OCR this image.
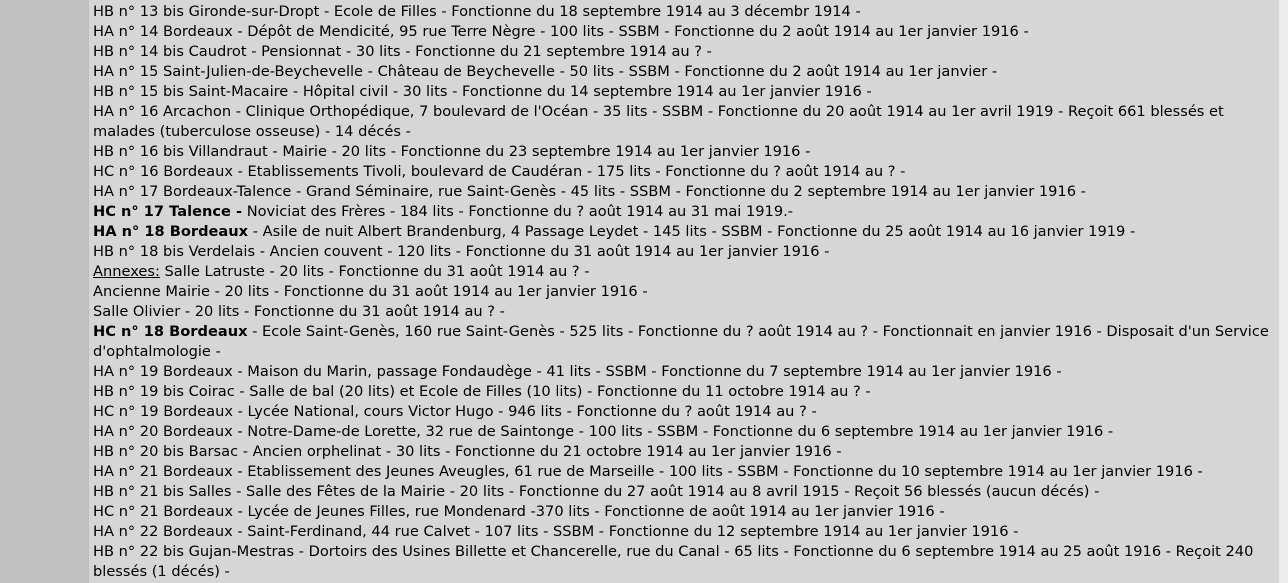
HB n° 13 bis Gironde-sur-Dropt - Ecole de Filles - Fonctionne du 18 septembre 1914 au 3 décembr 1914 -
HA n° 14 Bordeaux - Dépôt de Mendicité, 95 rue Terre Nègre - 100 lits - SSBM - Fonctionne du 2 août 1914 au 1er janvier 1916 -
HB n° 14 bis Caudrot - Pensionnat - 30 lits - Fonctionne du 21 septembre 1914 au ? -
HA n° 15 Saint-Julien-de-Beychevelle - Château de Beychevelle - 50 lits - SSBM - Fonctionne du 2 août 1914 au 1er janvier -
HB n° 15 bis Saint-Macaire - Hôpital civil - 30 lits - Fonctionne du 14 septembre 1914 au 1er janvier 1916 -
HA n° 16 Arcachon - Clinique Orthopédique, 7 boulevard de l'Océan - 35 lits - SSBM - Fonctionne du 20 août 1914 au 1er avril 1919 - Reçoit 661 blessés et malades (tuberculose osseuse) - 14 décés -
HB n° 16 bis Villandraut - Mairie - 20 lits - Fonctionne du 23 septembre 1914 au 1er janvier 1916 -
HC n° 16 Bordeaux - Etablissements Tivoli, boulevard de Caudéran - 175 lits - Fonctionne du ? août 1914 au ? -
HA n° 17 Bordeaux-Talence - Grand Séminaire, rue Saint-Genès - 45 lits - SSBM - Fonctionne du 2 septembre 1914 au 1er janvier 1916 -
HC n° 17 Talence - Noviciat des Frères - 184 lits - Fonctionne du ? août 1914 au 31 mai 1919.-
HA n° 18 Bordeaux - Asile de nuit Albert Brandenburg, 4 Passage Leydet - 145 lits - SSBM - Fonctionne du 25 août 1914 au 16 janvier 1919 -
HB n° 18 bis Verdelais - Ancien couvent - 120 lits - Fonctionne du 31 août 1914 au 1er janvier 1916 -
Annexes: Salle Latruste - 20 lits - Fonctionne du 31 août 1914 au ? -
Ancienne Mairie - 20 lits - Fonctionne du 31 août 1914 au 1er janvier 1916 -
Salle Olivier - 20 lits - Fonctionne du 31 août 1914 au ? -
HC n° 18 Bordeaux - Ecole Saint-Genès, 160 rue Saint-Genès - 525 lits - Fonctionne du ? août 1914 au ? - Fonctionnait en janvier 1916 - Disposait d'un Service d'ophtalmologie -
HA n° 19 Bordeaux - Maison du Marin, passage Fondaudège - 41 lits - SSBM - Fonctionne du 7 septembre 1914 au 1er janvier 1916 -
HB n° 19 bis Coirac - Salle de bal (20 lits) et Ecole de Filles (10 lits) - Fonctionne du 11 octobre 1914 au ? -
HC n° 19 Bordeaux - Lycée National, cours Victor Hugo - 946 lits - Fonctionne du ? août 1914 au ? -
HA n° 20 Bordeaux - Notre-Dame-de Lorette, 32 rue de Saintonge - 100 lits - SSBM - Fonctionne du 6 septembre 1914 au 1er janvier 1916 -
HB n° 20 bis Barsac - Ancien orphelinat - 30 lits - Fonctionne du 21 octobre 1914 au 1er janvier 1916 -
HA n° 21 Bordeaux - Etablissement des Jeunes Aveugles, 61 rue de Marseille - 100 lits - SSBM - Fonctionne du 10 septembre 1914 au 1er janvier 1916 -
HB n° 21 bis Salles - Salle des Fêtes de la Mairie - 20 lits - Fonctionne du 27 août 1914 au 8 avril 1915 - Reçoit 56 blessés (aucun décés) -
HC n° 21 Bordeaux - Lycée de Jeunes Filles, rue Mondenard -370 lits - Fonctionne de août 1914 au 1er janvier 1916 -
HA n° 22 Bordeaux - Saint-Ferdinand, 44 rue Calvet - 107 lits - SSBM - Fonctionne du 12 septembre 1914 au 1er janvier 1916 -
HB n° 22 bis Gujan-Mestras - Dortoirs des Usines Billette et Chancerelle, rue du Canal - 65 lits - Fonctionne du 6 septembre 1914 au 25 août 1916 - Reçoit 240 blessés (1 décés) -
